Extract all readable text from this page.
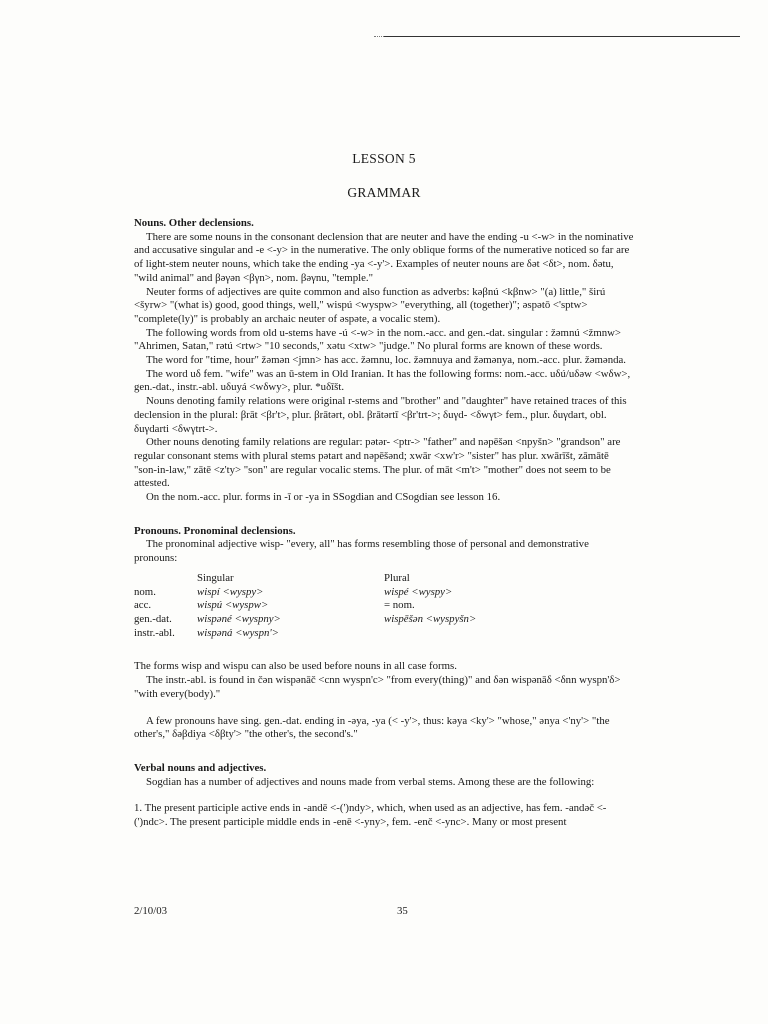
LESSON 5
GRAMMAR

Nouns. Other declensions.

There are some nouns in the consonant declension that are neuter and have the ending -u <-w> in the nominative and accusative singular and -e <-y> in the numerative. The only oblique forms of the numerative noticed so far are of light-stem neuter nouns, which take the ending -ya <-y'>. Examples of neuter nouns are δət <δt>, nom. δətu, "wild animal" and βəγən <βγn>, nom. βəγnu, "temple."

Neuter forms of adjectives are quite common and also function as adverbs: kəβnú <kβnw> "(a) little," širú <šyrw> "(what is) good, good things, well," wispú <wyspw> "everything, all (together)"; əspətō <'sptw> "complete(ly)" is probably an archaic neuter of əspəte, a vocalic stem).

The following words from old u-stems have -ú <-w> in the nom.-acc. and gen.-dat. singular : žəmnú <žmnw> "Ahrimen, Satan," rətú <rtw> "10 seconds," xətu <xtw> "judge." No plural forms are known of these words.

The word for "time, hour" žəmən <jmn> has acc. žəmnu, loc. žəmnuya and žəmənya, nom.-acc. plur. žəmənda.

The word uδ fem. "wife" was an ū-stem in Old Iranian. It has the following forms: nom.-acc. uδú/uδəw <wδw>, gen.-dat., instr.-abl. uδuyá <wδwy>, plur. *uδīšt.

Nouns denoting family relations were original r-stems and "brother" and "daughter" have retained traces of this declension in the plural: βrāt <βr't>, plur. βrātərt, obl. βrātərtī <βr'trt->; δuγd- <δwγt> fem., plur. δuγdart, obl. δuγdarti <δwγtrt->.

Other nouns denoting family relations are regular: pətər- <ptr-> "father" and nəpēšən <npyšn> "grandson" are regular consonant stems with plural stems pətart and nəpēšənd; xwār <xw'r> "sister" has plur. xwārīšt, zāmātē "son-in-law," zātē <z'ty> "son" are regular vocalic stems. The plur. of māt <m't> "mother" does not seem to be attested.

On the nom.-acc. plur. forms in -ī or -ya in SSogdian and CSogdian see lesson 16.

Pronouns. Pronominal declensions.

The pronominal adjective wisp- "every, all" has forms resembling those of personal and demonstrative pronouns:

	Singular	Plural
nom.	wispí <wyspy>	wispé <wyspy>
acc.	wispú <wyspw>	= nom.
gen.-dat.	wispəné <wyspny>	wispēšən <wyspyšn>
instr.-abl.	wispəná <wyspn'>	

The forms wisp and wispu can also be used before nouns in all case forms.

The instr.-abl. is found in čən wispənāč <cnn wyspn'c> "from every(thing)" and δən wispənāδ <δnn wyspn'δ> "with every(body)."

A few pronouns have sing. gen.-dat. ending in -əya, -ya (< -y'>, thus: kəya <ky'> "whose," ənya <'ny'> "the other's," δəβdiya <δβty'> "the other's, the second's."

Verbal nouns and adjectives.

Sogdian has a number of adjectives and nouns made from verbal stems. Among these are the following:

1. The present participle active ends in -andē <-(')ndy>, which, when used as an adjective, has fem. -andəč <-(')ndc>. The present participle middle ends in -enē <-yny>, fem. -enč <-ync>. Many or most present

2/10/03	35
